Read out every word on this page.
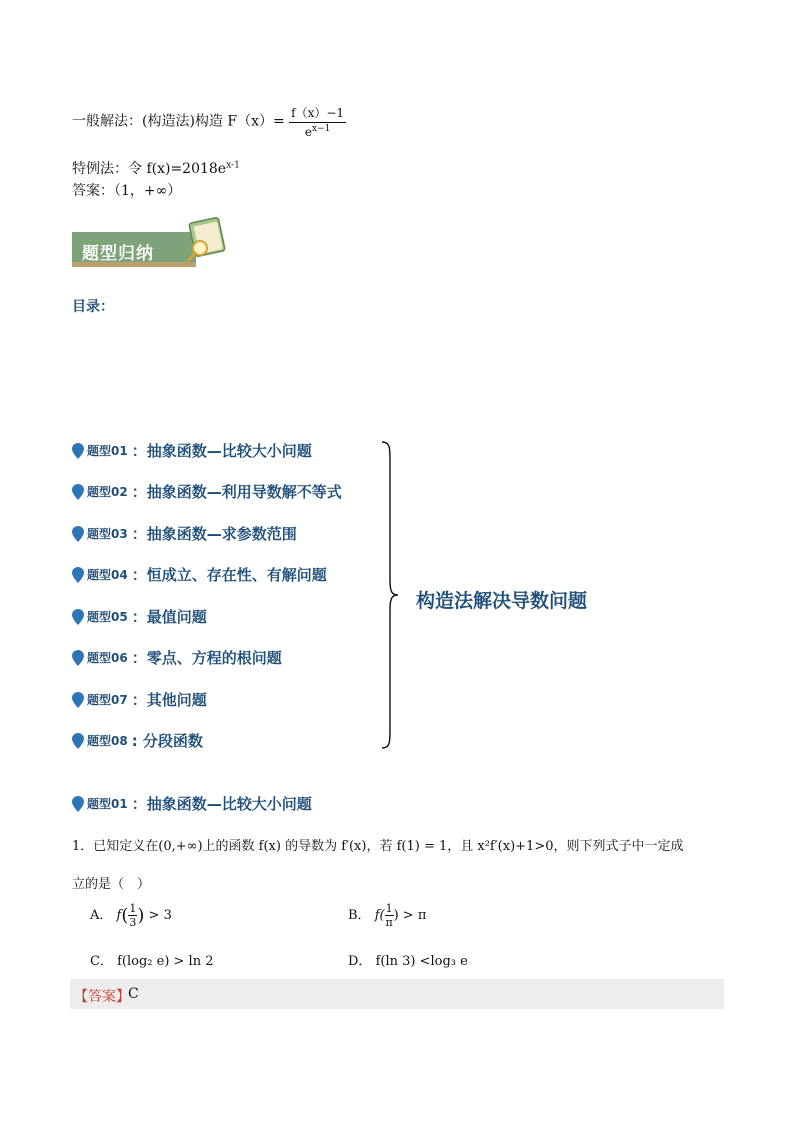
一般解法：(构造法)构造 $F(x)= \frac{f(x)-1}{e^{x-1}}$
特例法：令 $f(x)=2018e^{x-1}$
答案：（1，+∞）
题型归纳
目录：
题型01 ：抽象函数—比较大小问题
题型02 ：抽象函数—利用导数解不等式
题型03 ：抽象函数—求参数范围
题型04 ：恒成立、存在性、有解问题
题型05 ：最值问题
题型06 ：零点、方程的根问题
题型07 ：其他问题
题型08 : 分段函数
构造法解决导数问题
题型01 ：抽象函数—比较大小问题
1．已知定义在(0,+∞)上的函数 f(x) 的导数为 f′(x)，若 f(1) = 1，且 x²f′(x)+1>0，则下列式子中一定成
立的是（　）
A． $f( \frac{1}{3}) > 3$	B． $f( \frac{1}{\pi}) > \pi$
C． f(log₂ e) > ln 2	D． f(ln 3) <log₃ e
【答案】
C
